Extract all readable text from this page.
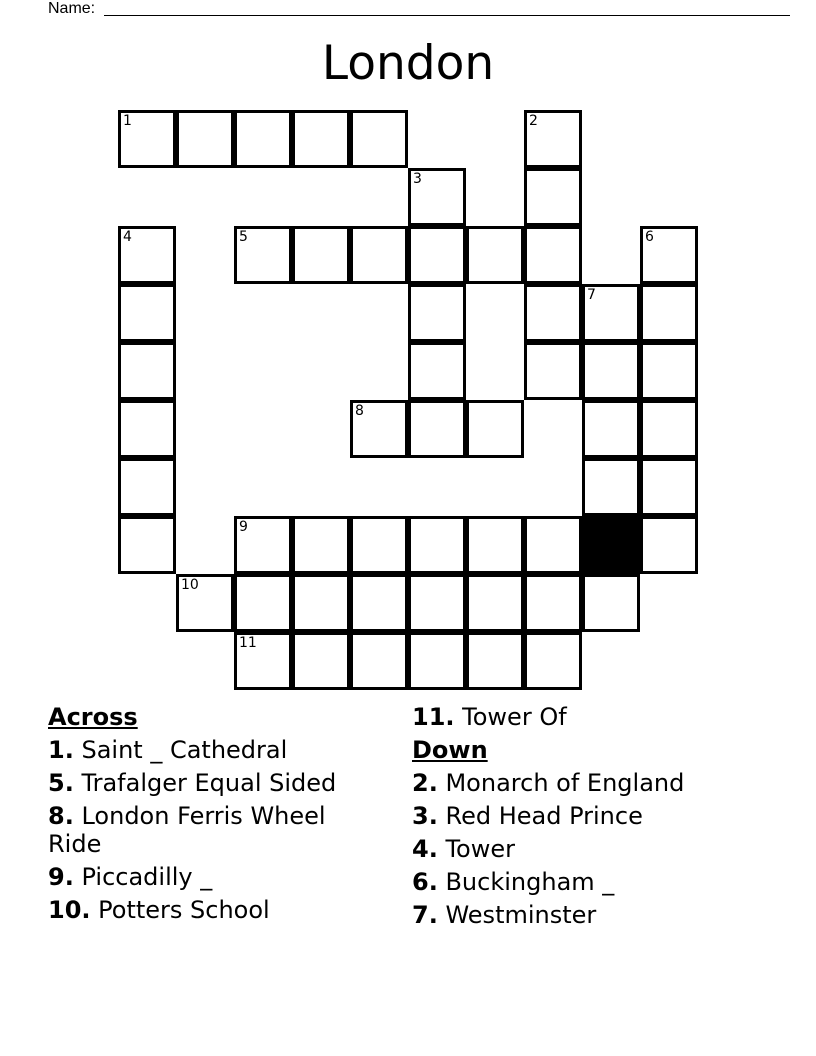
Name:
London
1	2
3
4	5	6
7
8
9
10
11
Across
1. Saint _ Cathedral
5. Trafalger Equal Sided
8. London Ferris Wheel Ride
9. Piccadilly _
10. Potters School
11. Tower Of
Down
2. Monarch of England
3. Red Head Prince
4. Tower
6. Buckingham _
7. Westminster
